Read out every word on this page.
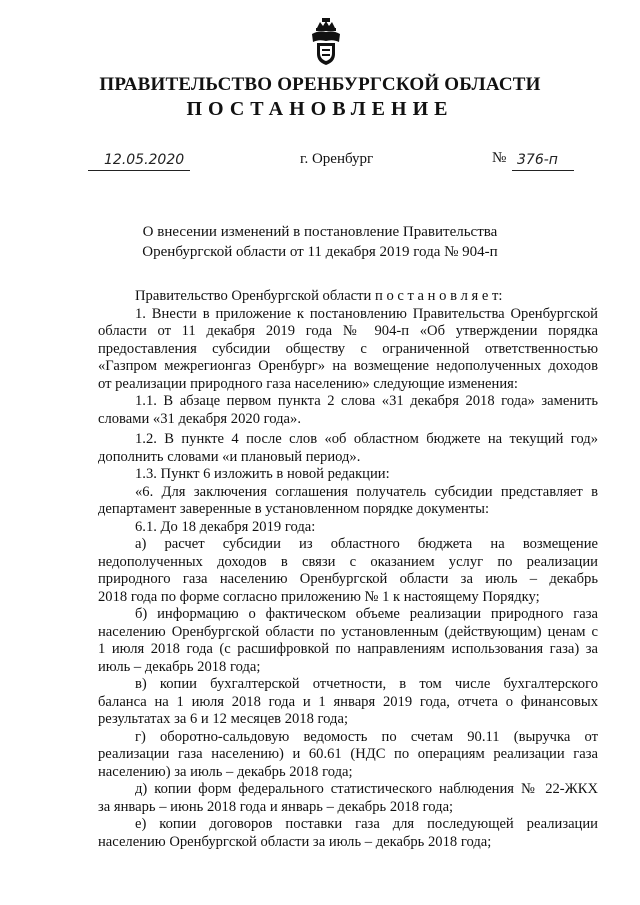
ПРАВИТЕЛЬСТВО ОРЕНБУРГСКОЙ ОБЛАСТИ
ПОСТАНОВЛЕНИЕ
12.05.2020	г. Оренбург	№ 376-п
О внесении изменений в постановление Правительства
Оренбургской области от 11 декабря 2019 года № 904-п
Правительство Оренбургской области п о с т а н о в л я е т:
1. Внести в приложение к постановлению Правительства Оренбургской
области от 11 декабря 2019 года № 904-п «Об утверждении порядка
предоставления субсидии обществу с ограниченной ответственностью
«Газпром межрегионгаз Оренбург» на возмещение недополученных доходов
от реализации природного газа населению» следующие изменения:
1.1. В абзаце первом пункта 2 слова «31 декабря 2018 года» заменить
словами «31 декабря 2020 года».
1.2. В пункте 4 после слов «об областном бюджете на текущий год»
дополнить словами «и плановый период».
1.3. Пункт 6 изложить в новой редакции:
«6. Для заключения соглашения получатель субсидии представляет в
департамент заверенные в установленном порядке документы:
6.1. До 18 декабря 2019 года:
а) расчет субсидии из областного бюджета на возмещение
недополученных доходов в связи с оказанием услуг по реализации
природного газа населению Оренбургской области за июль – декабрь
2018 года по форме согласно приложению № 1 к настоящему Порядку;
б) информацию о фактическом объеме реализации природного газа
населению Оренбургской области по установленным (действующим) ценам с
1 июля 2018 года (с расшифровкой по направлениям использования газа) за
июль – декабрь 2018 года;
в) копии бухгалтерской отчетности, в том числе бухгалтерского
баланса на 1 июля 2018 года и 1 января 2019 года, отчета о финансовых
результатах за 6 и 12 месяцев 2018 года;
г) оборотно-сальдовую ведомость по счетам 90.11 (выручка от
реализации газа населению) и 60.61 (НДС по операциям реализации газа
населению) за июль – декабрь 2018 года;
д) копии форм федерального статистического наблюдения № 22-ЖКХ
за январь – июнь 2018 года и январь – декабрь 2018 года;
е) копии договоров поставки газа для последующей реализации
населению Оренбургской области за июль – декабрь 2018 года;
